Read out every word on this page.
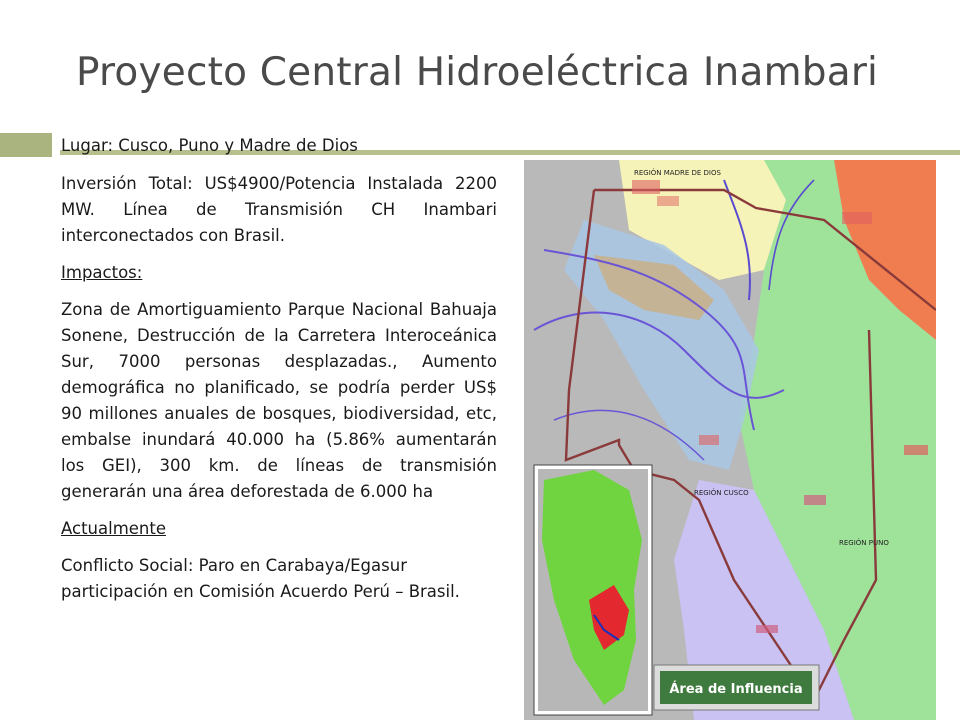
Proyecto Central Hidroeléctrica Inambari

Lugar: Cusco, Puno y Madre de Dios

Inversión Total: US$4900/Potencia Instalada 2200 MW. Línea de Transmisión CH Inambari interconectados con Brasil.

Impactos:

Zona de Amortiguamiento Parque Nacional Bahuaja Sonene, Destrucción de la Carretera Interoceánica Sur, 7000 personas desplazadas., Aumento demográfica no planificado, se podría perder US$ 90 millones anuales de bosques, biodiversidad, etc, embalse inundará 40.000 ha (5.86% aumentarán los GEI), 300 km. de líneas de transmisión generarán una área deforestada de 6.000 ha

Actualmente

Conflicto Social: Paro en Carabaya/Egasur participación en Comisión Acuerdo Perú – Brasil.

REGIÓN MADRE DE DIOS
REGIÓN CUSCO
REGIÓN PUNO
Área de Influencia
